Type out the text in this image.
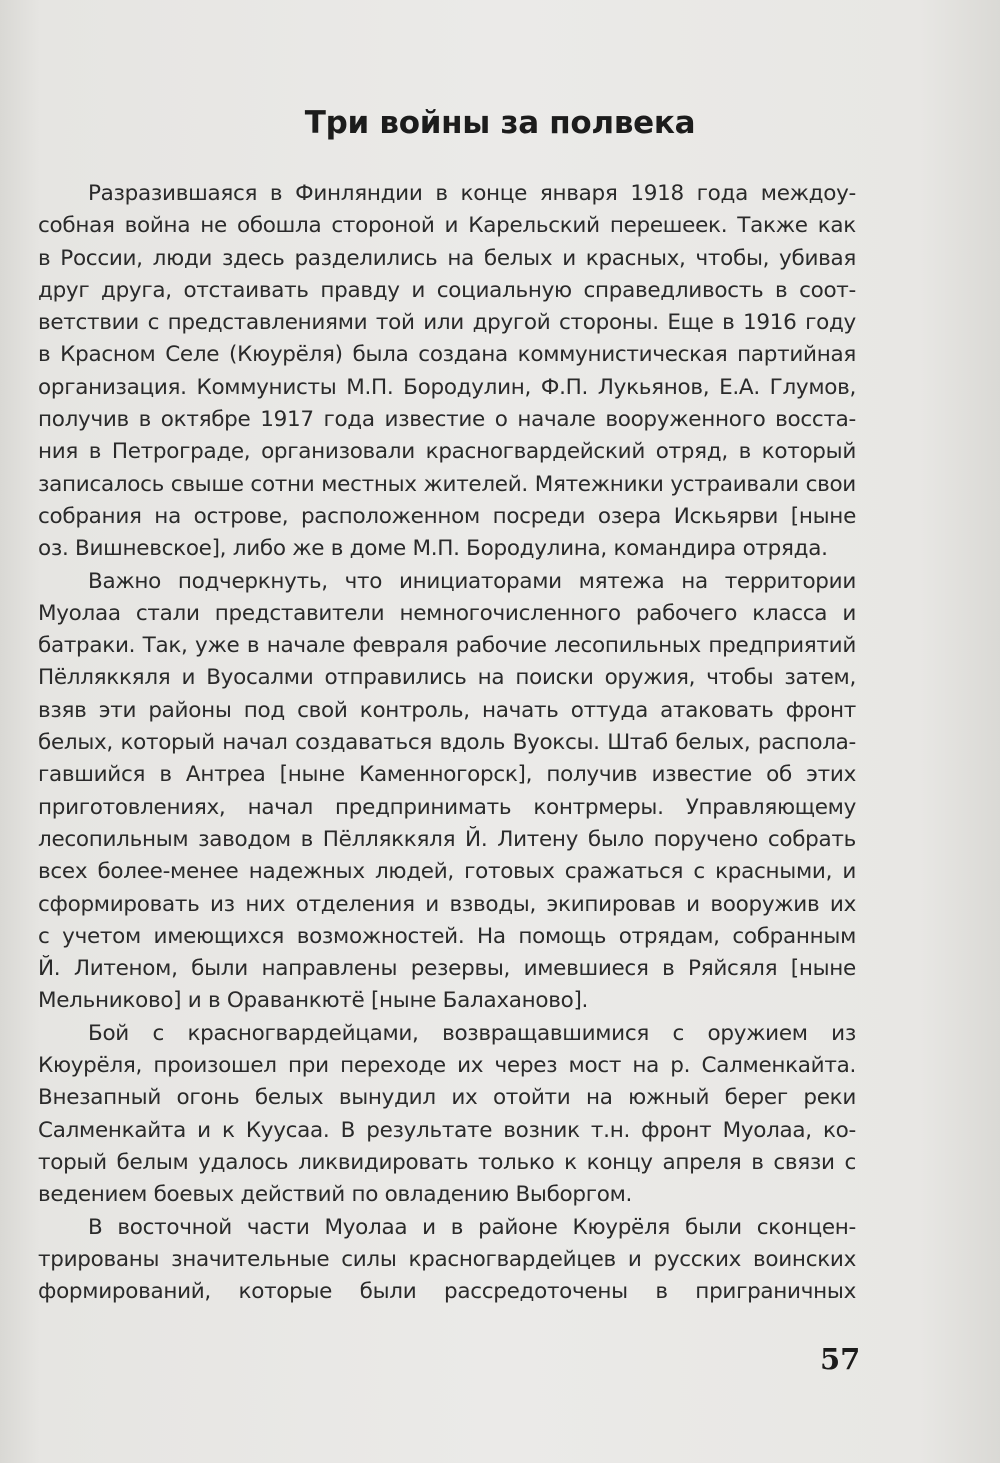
Три войны за полвека
Разразившаяся в Финляндии в конце января 1918 года междоу-
собная война не обошла стороной и Карельский перешеек. Также как
в России, люди здесь разделились на белых и красных, чтобы, убивая
друг друга, отстаивать правду и социальную справедливость в соот-
ветствии с представлениями той или другой стороны. Еще в 1916 году
в Красном Селе (Кюурёля) была создана коммунистическая партийная
организация. Коммунисты М.П. Бородулин, Ф.П. Лукьянов, Е.А. Глумов,
получив в октябре 1917 года известие о начале вооруженного восста-
ния в Петрограде, организовали красногвардейский отряд, в который
записалось свыше сотни местных жителей. Мятежники устраивали свои
собрания на острове, расположенном посреди озера Искьярви [ныне
оз. Вишневское], либо же в доме М.П. Бородулина, командира отряда.
Важно подчеркнуть, что инициаторами мятежа на территории
Муолаа стали представители немногочисленного рабочего класса и
батраки. Так, уже в начале февраля рабочие лесопильных предприятий
Пёлляккяля и Вуосалми отправились на поиски оружия, чтобы затем,
взяв эти районы под свой контроль, начать оттуда атаковать фронт
белых, который начал создаваться вдоль Вуоксы. Штаб белых, распола-
гавшийся в Антреа [ныне Каменногорск], получив известие об этих
приготовлениях, начал предпринимать контрмеры. Управляющему
лесопильным заводом в Пёлляккяля Й. Литену было поручено собрать
всех более-менее надежных людей, готовых сражаться с красными, и
сформировать из них отделения и взводы, экипировав и вооружив их
с учетом имеющихся возможностей. На помощь отрядам, собранным
Й. Литеном, были направлены резервы, имевшиеся в Ряйсяля [ныне
Мельниково] и в Ораванкютё [ныне Балаханово].
Бой с красногвардейцами, возвращавшимися с оружием из
Кюурёля, произошел при переходе их через мост на р. Салменкайта.
Внезапный огонь белых вынудил их отойти на южный берег реки
Салменкайта и к Куусаа. В результате возник т.н. фронт Муолаа, ко-
торый белым удалось ликвидировать только к концу апреля в связи с
ведением боевых действий по овладению Выборгом.
В восточной части Муолаа и в районе Кюурёля были сконцен-
трированы значительные силы красногвардейцев и русских воинских
формирований, которые были рассредоточены в приграничных
57
